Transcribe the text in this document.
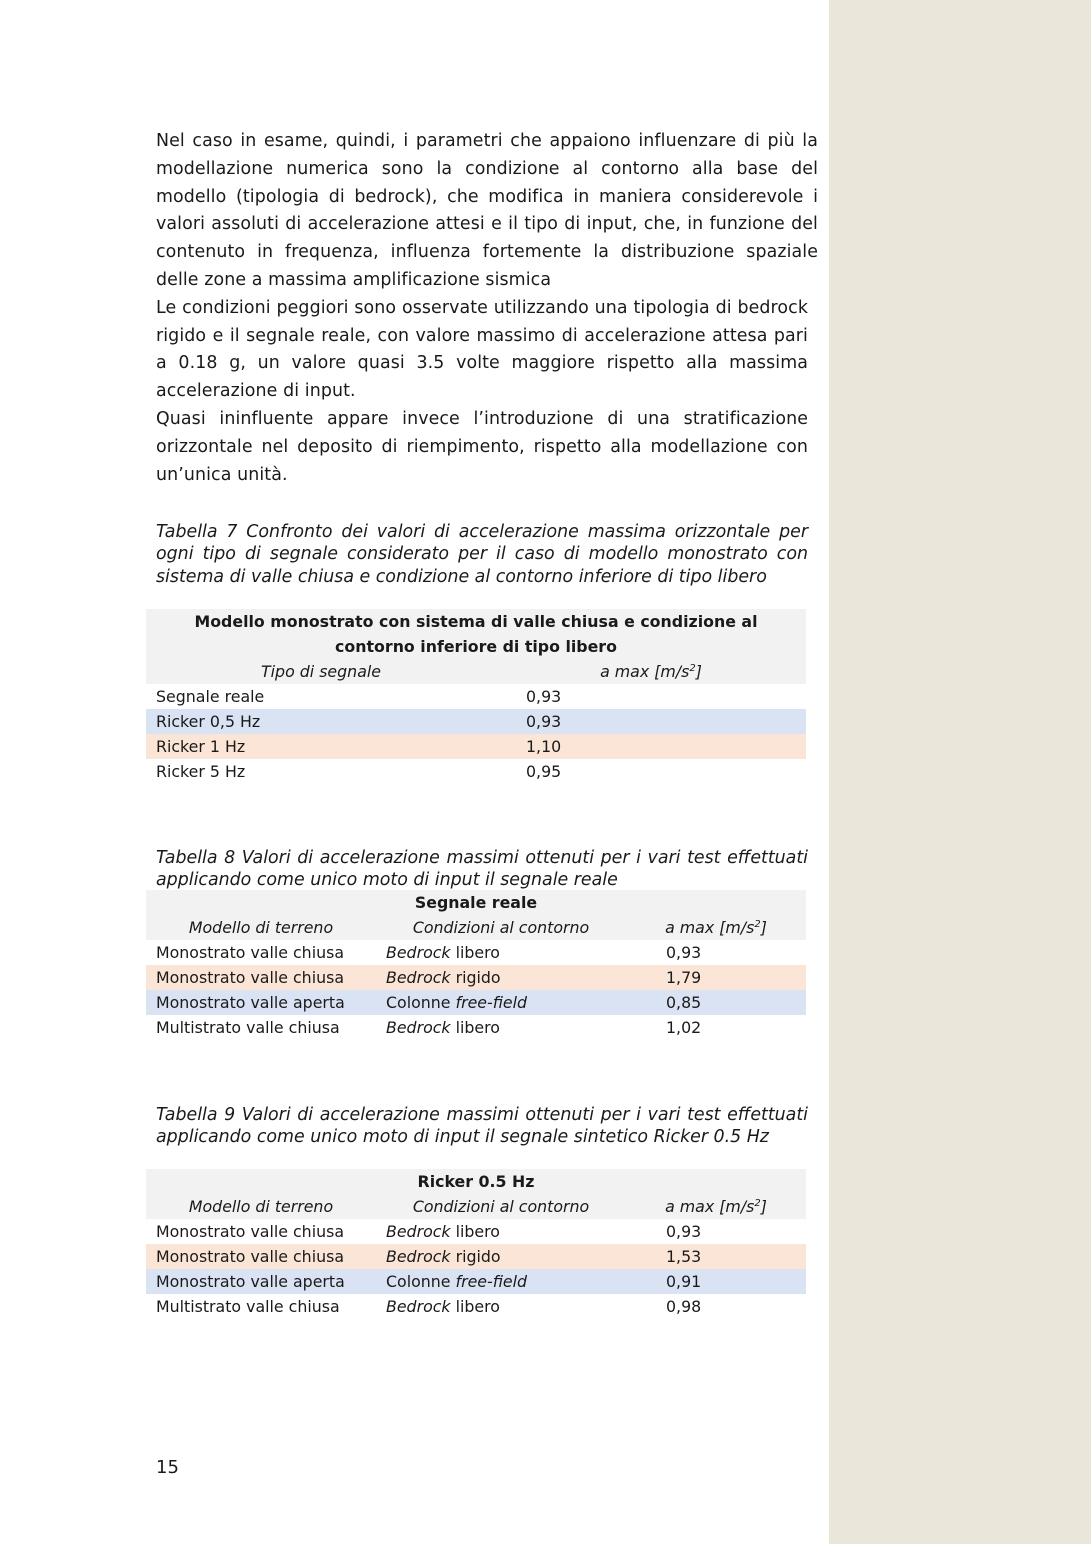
Nel caso in esame, quindi, i parametri che appaiono influenzare di più la modellazione numerica sono la condizione al contorno alla base del modello (tipologia di bedrock), che modifica in maniera considerevole i valori assoluti di accelerazione attesi e il tipo di input, che, in funzione del contenuto in frequenza, influenza fortemente la distribuzione spaziale delle zone a massima amplificazione sismica

Le condizioni peggiori sono osservate utilizzando una tipologia di bedrock rigido e il segnale reale, con valore massimo di accelerazione attesa pari a 0.18 g, un valore quasi 3.5 volte maggiore rispetto alla massima accelerazione di input.

Quasi ininfluente appare invece l’introduzione di una stratificazione orizzontale nel deposito di riempimento, rispetto alla modellazione con un’unica unità.

Tabella 7 Confronto dei valori di accelerazione massima orizzontale per ogni tipo di segnale considerato per il caso di modello monostrato con sistema di valle chiusa e condizione al contorno inferiore di tipo libero

Modello monostrato con sistema di valle chiusa e condizione al	
contorno inferiore di tipo libero	
Tipo di segnale	a $\max [m/s^2]$
Segnale reale	0,93
Ricker 0,5 Hz	0,93
Ricker 1 Hz	1,10
Ricker 5 Hz	0,95

Tabella 8 Valori di accelerazione massimi ottenuti per i vari test effettuati applicando come unico moto di input il segnale reale

Segnale reale		
Modello di terreno	Condizioni al contorno	a $\max [m/s^2]$
Monostrato valle chiusa	Bedrock libero	0,93
Monostrato valle chiusa	Bedrock rigido	1,79
Monostrato valle aperta	Colonne free-field	0,85
Multistrato valle chiusa	Bedrock libero	1,02

Tabella 9 Valori di accelerazione massimi ottenuti per i vari test effettuati applicando come unico moto di input il segnale sintetico Ricker 0.5 Hz

Ricker 0.5 Hz		
Modello di terreno	Condizioni al contorno	a $\max [m/s^2]$
Monostrato valle chiusa	Bedrock libero	0,93
Monostrato valle chiusa	Bedrock rigido	1,53
Monostrato valle aperta	Colonne free-field	0,91
Multistrato valle chiusa	Bedrock libero	0,98
15
